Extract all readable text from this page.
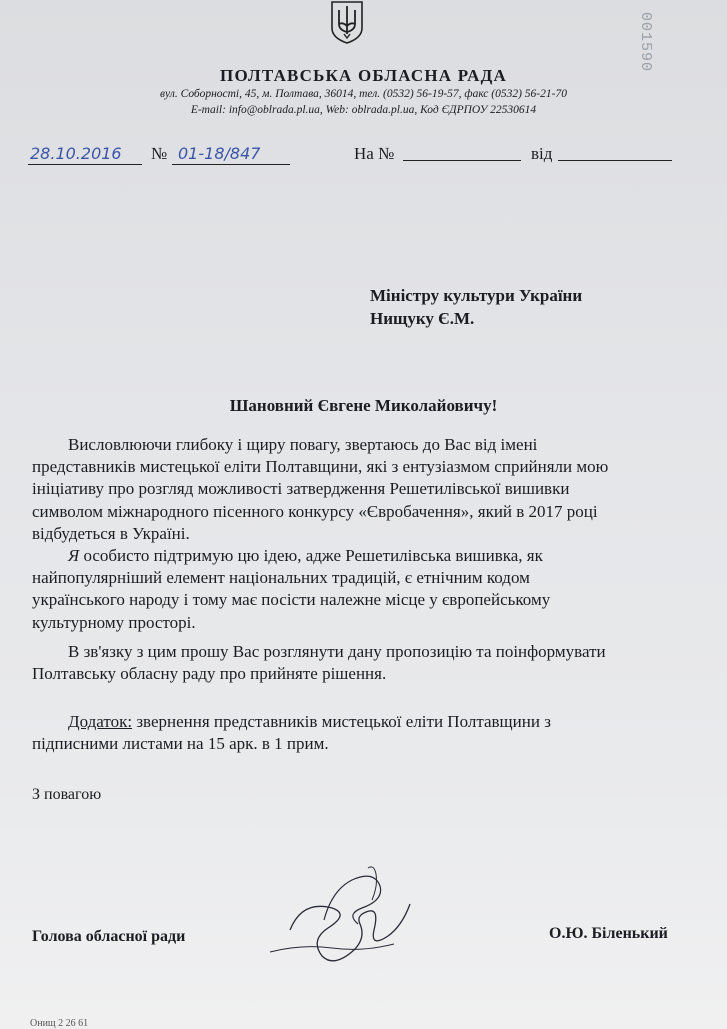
001590
ПОЛТАВСЬКА ОБЛАСНА РАДА
вул. Соборності, 45, м. Полтава, 36014, тел. (0532) 56-19-57, факс (0532) 56-21-70
E-mail: info@oblrada.pl.ua, Web: oblrada.pl.ua, Код ЄДРПОУ 22530614
28.10.2016 № 01-18/847	На №	від
Міністру культури України
Нищуку Є.М.
Шановний Євгене Миколайовичу!
Висловлюючи глибоку і щиру повагу, звертаюсь до Вас від імені
представників мистецької еліти Полтавщини, які з ентузіазмом сприйняли мою
ініціативу про розгляд можливості затвердження Решетилівської вишивки
символом міжнародного пісенного конкурсу «Євробачення», який в 2017 році
відбудеться в Україні.
Я особисто підтримую цю ідею, адже Решетилівська вишивка, як
найпопулярніший елемент національних традицій, є етнічним кодом
українського народу і тому має посісти належне місце у європейському
культурному просторі.
В зв'язку з цим прошу Вас розглянути дану пропозицію та поінформувати
Полтавську обласну раду про прийняте рішення.
Додаток: звернення представників мистецької еліти Полтавщини з
підписними листами на 15 арк. в 1 прим.
З повагою
Голова обласної ради	О.Ю. Біленький
Онищ 2 26 61
